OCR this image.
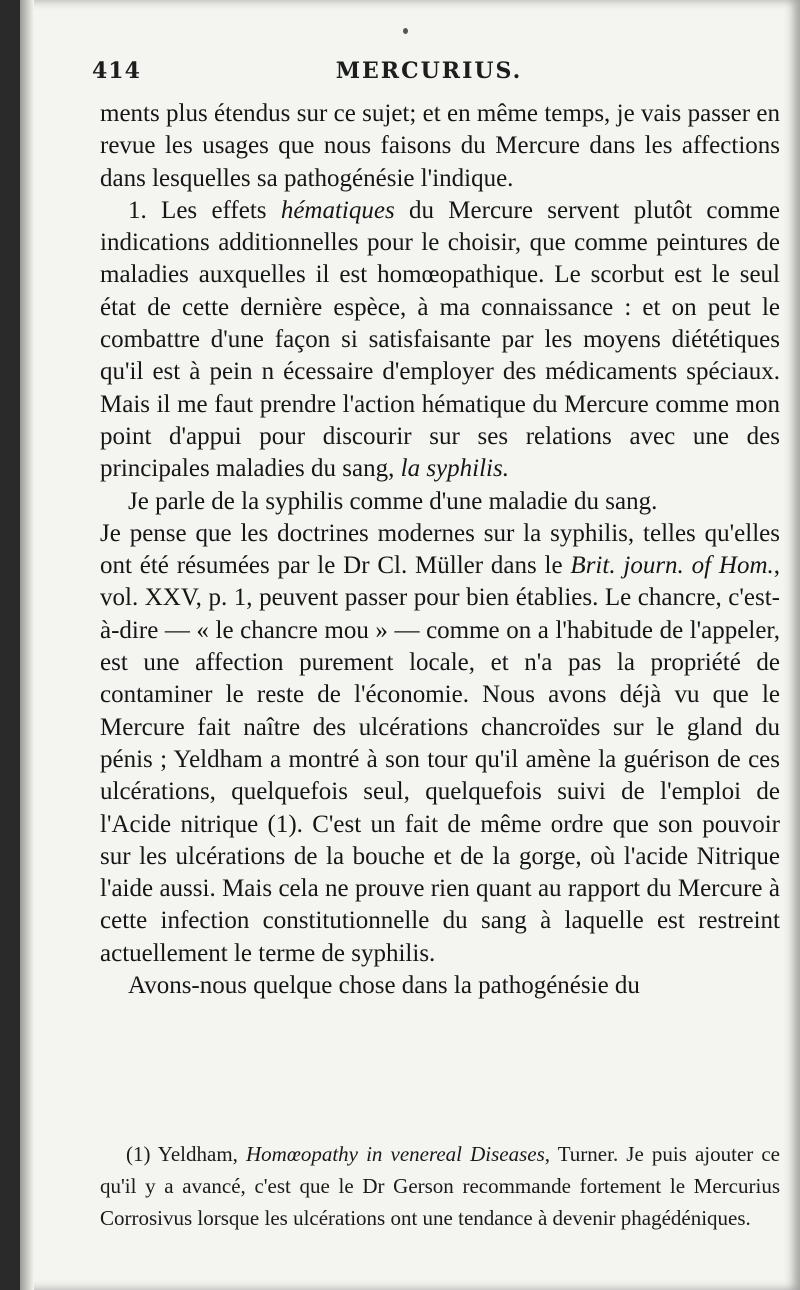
414	MERCURIUS.

ments plus étendus sur ce sujet; et en même temps, je vais passer en revue les usages que nous faisons du Mercure dans les affections dans lesquelles sa pathogénésie l'indique.

1. Les effets hématiques du Mercure servent plutôt comme indications additionnelles pour le choisir, que comme peintures de maladies auxquelles il est homœopathique. Le scorbut est le seul état de cette dernière espèce, à ma connaissance : et on peut le combattre d'une façon si satisfaisante par les moyens diététiques qu'il est à pein n écessaire d'employer des médicaments spéciaux. Mais il me faut prendre l'action hématique du Mercure comme mon point d'appui pour discourir sur ses relations avec une des principales maladies du sang, la syphilis.

Je parle de la syphilis comme d'une maladie du sang.

Je pense que les doctrines modernes sur la syphilis, telles qu'elles ont été résumées par le Dr Cl. Müller dans le Brit. journ. of Hom., vol. XXV, p. 1, peuvent passer pour bien établies. Le chancre, c'est-à-dire — « le chancre mou » — comme on a l'habitude de l'appeler, est une affection purement locale, et n'a pas la propriété de contaminer le reste de l'économie. Nous avons déjà vu que le Mercure fait naître des ulcérations chancroïdes sur le gland du pénis ; Yeldham a montré à son tour qu'il amène la guérison de ces ulcérations, quelquefois seul, quelquefois suivi de l'emploi de l'Acide nitrique (1). C'est un fait de même ordre que son pouvoir sur les ulcérations de la bouche et de la gorge, où l'acide Nitrique l'aide aussi. Mais cela ne prouve rien quant au rapport du Mercure à cette infection constitutionnelle du sang à laquelle est restreint actuellement le terme de syphilis.

Avons-nous quelque chose dans la pathogénésie du

(1) Yeldham, Homœopathy in venereal Diseases, Turner. Je puis ajouter ce qu'il y a avancé, c'est que le Dr Gerson recommande fortement le Mercurius Corrosivus lorsque les ulcérations ont une tendance à devenir phagédéniques.
